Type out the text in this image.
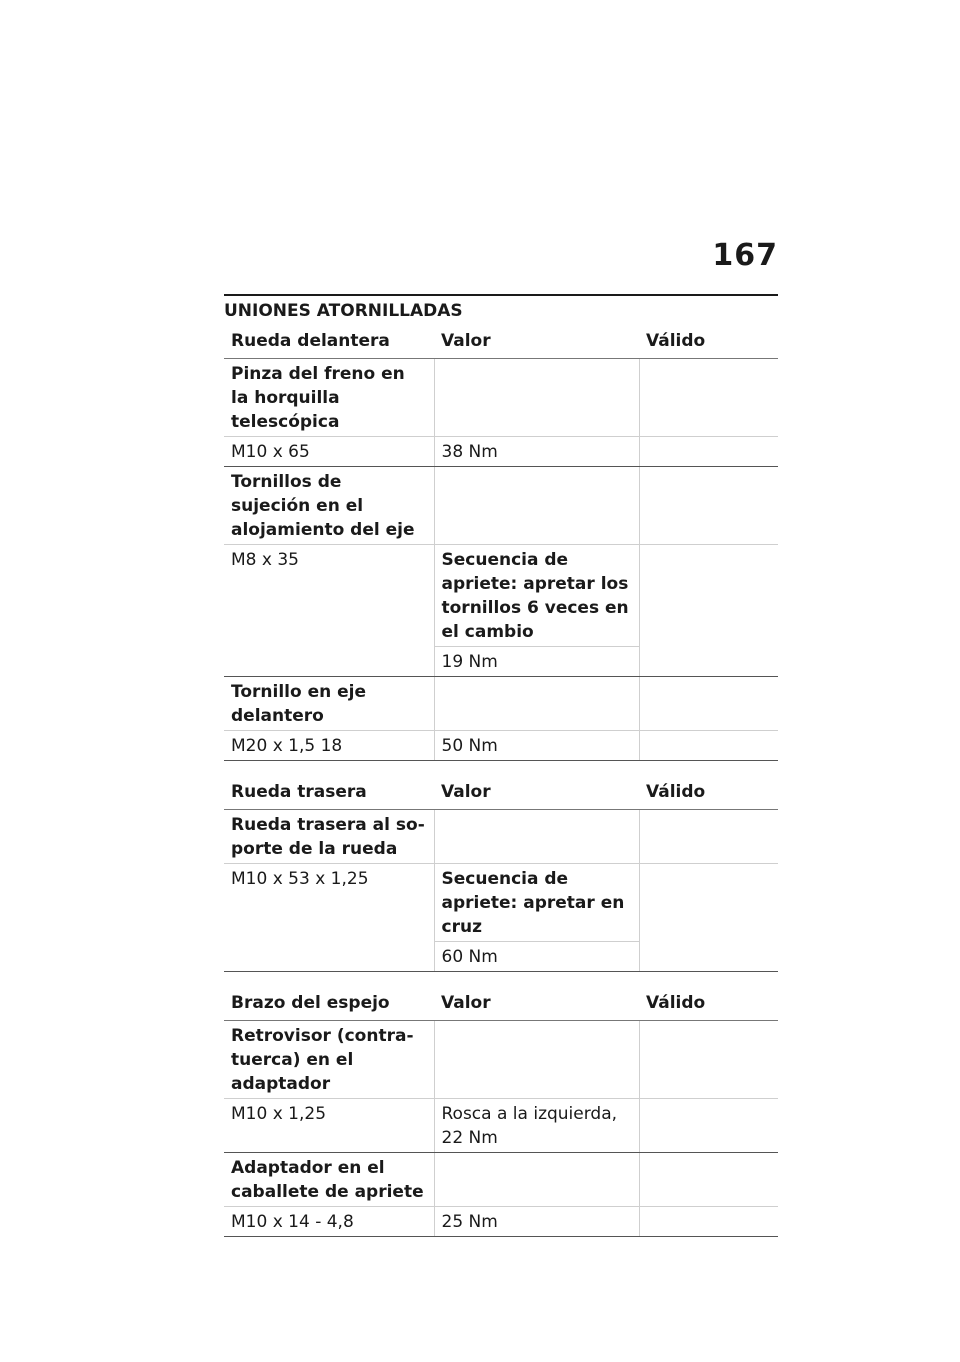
167
UNIONES ATORNILLADAS
Rueda delantera	Valor	Válido
Pinza del freno en la horquilla telescópica		
M10 x 65	38 Nm	
Tornillos de sujeción en el alojamiento del eje		
M8 x 35	Secuencia de apriete: apretar los tornillos 6 veces en el cambio	
	19 Nm	
Tornillo en eje delantero		
M20 x 1,5 18	50 Nm	
Rueda trasera	Valor	Válido
Rueda trasera al soporte de la rueda		
M10 x 53 x 1,25	Secuencia de apriete: apretar en cruz	
	60 Nm	
Brazo del espejo	Valor	Válido
Retrovisor (contratuerca) en el adaptador		
M10 x 1,25	Rosca a la izquierda, 22 Nm	
Adaptador en el caballete de apriete		
M10 x 14 - 4,8	25 Nm	
